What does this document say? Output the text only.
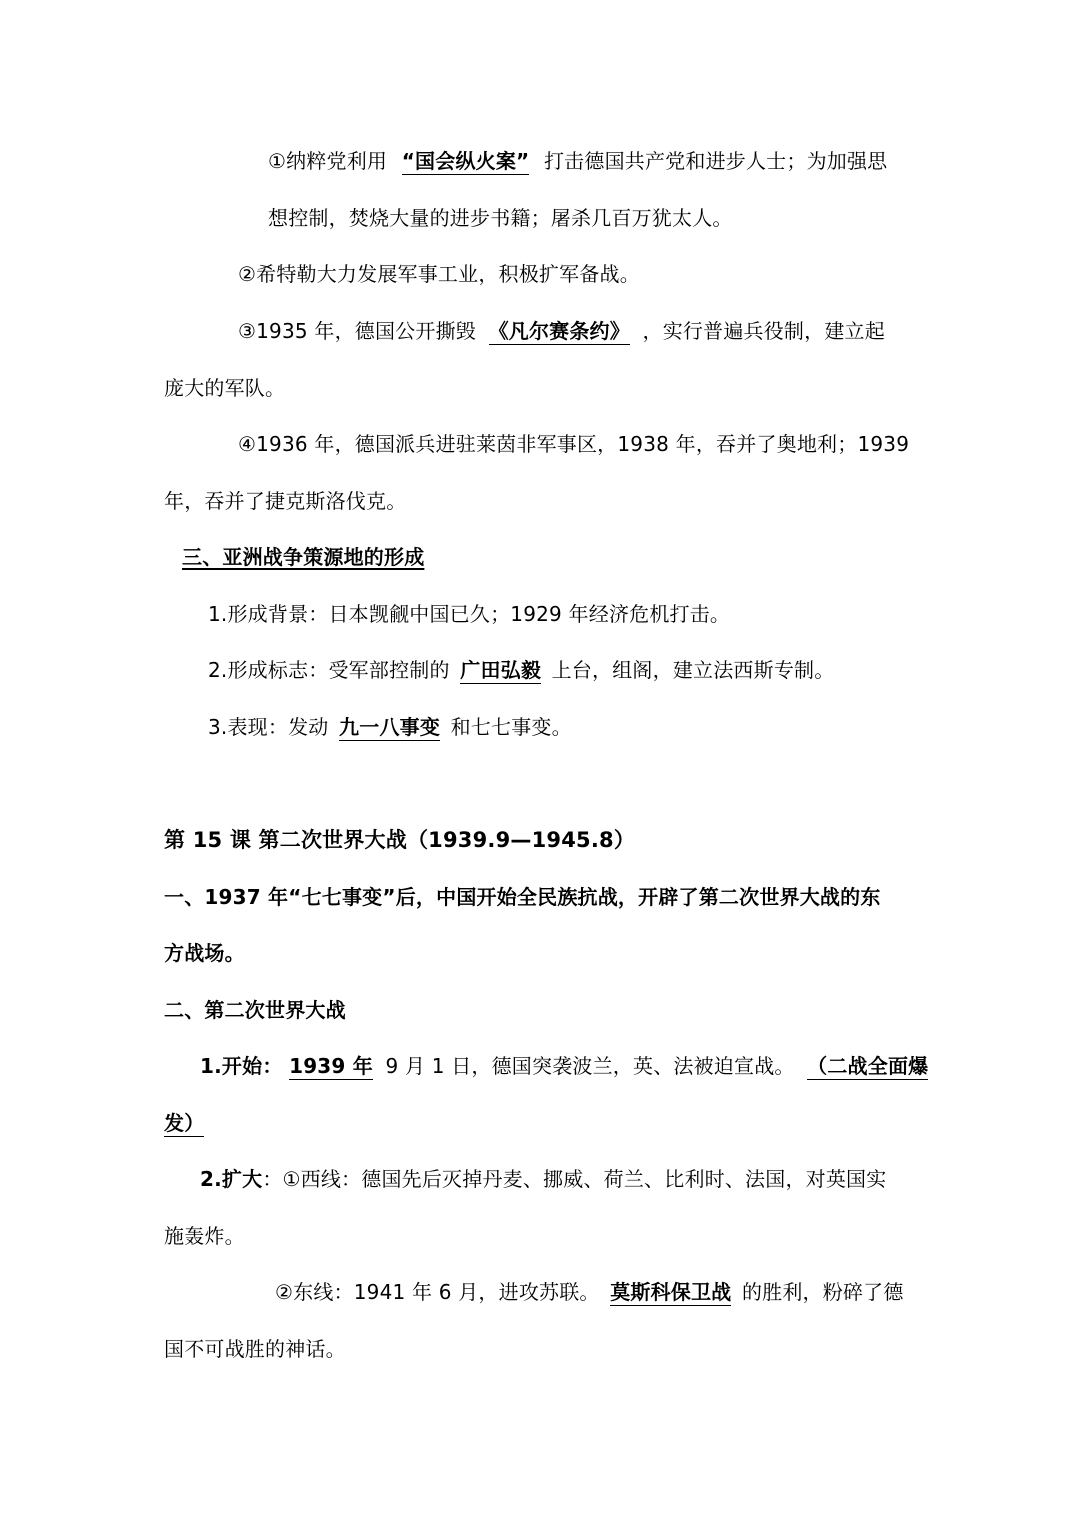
①纳粹党利用 “国会纵火案” 打击德国共产党和进步人士；为加强思
想控制，焚烧大量的进步书籍；屠杀几百万犹太人。
②希特勒大力发展军事工业，积极扩军备战。
③1935 年，德国公开撕毁 《凡尔赛条约》 ，实行普遍兵役制，建立起
庞大的军队。
④1936 年，德国派兵进驻莱茵非军事区，1938 年，吞并了奥地利；1939
年，吞并了捷克斯洛伐克。
三、亚洲战争策源地的形成
1.形成背景：日本觊觎中国已久；1929 年经济危机打击。
2.形成标志：受军部控制的 广田弘毅 上台，组阁，建立法西斯专制。
3.表现：发动 九一八事变 和七七事变。
第 15 课 第二次世界大战（1939.9—1945.8）
一、1937 年“七七事变”后，中国开始全民族抗战，开辟了第二次世界大战的东
方战场。
二、第二次世界大战
1.开始： 1939 年 9 月 1 日，德国突袭波兰，英、法被迫宣战。 （二战全面爆
发）
2.扩大：①西线：德国先后灭掉丹麦、挪威、荷兰、比利时、法国，对英国实
施轰炸。
②东线：1941 年 6 月，进攻苏联。 莫斯科保卫战 的胜利，粉碎了德
国不可战胜的神话。
